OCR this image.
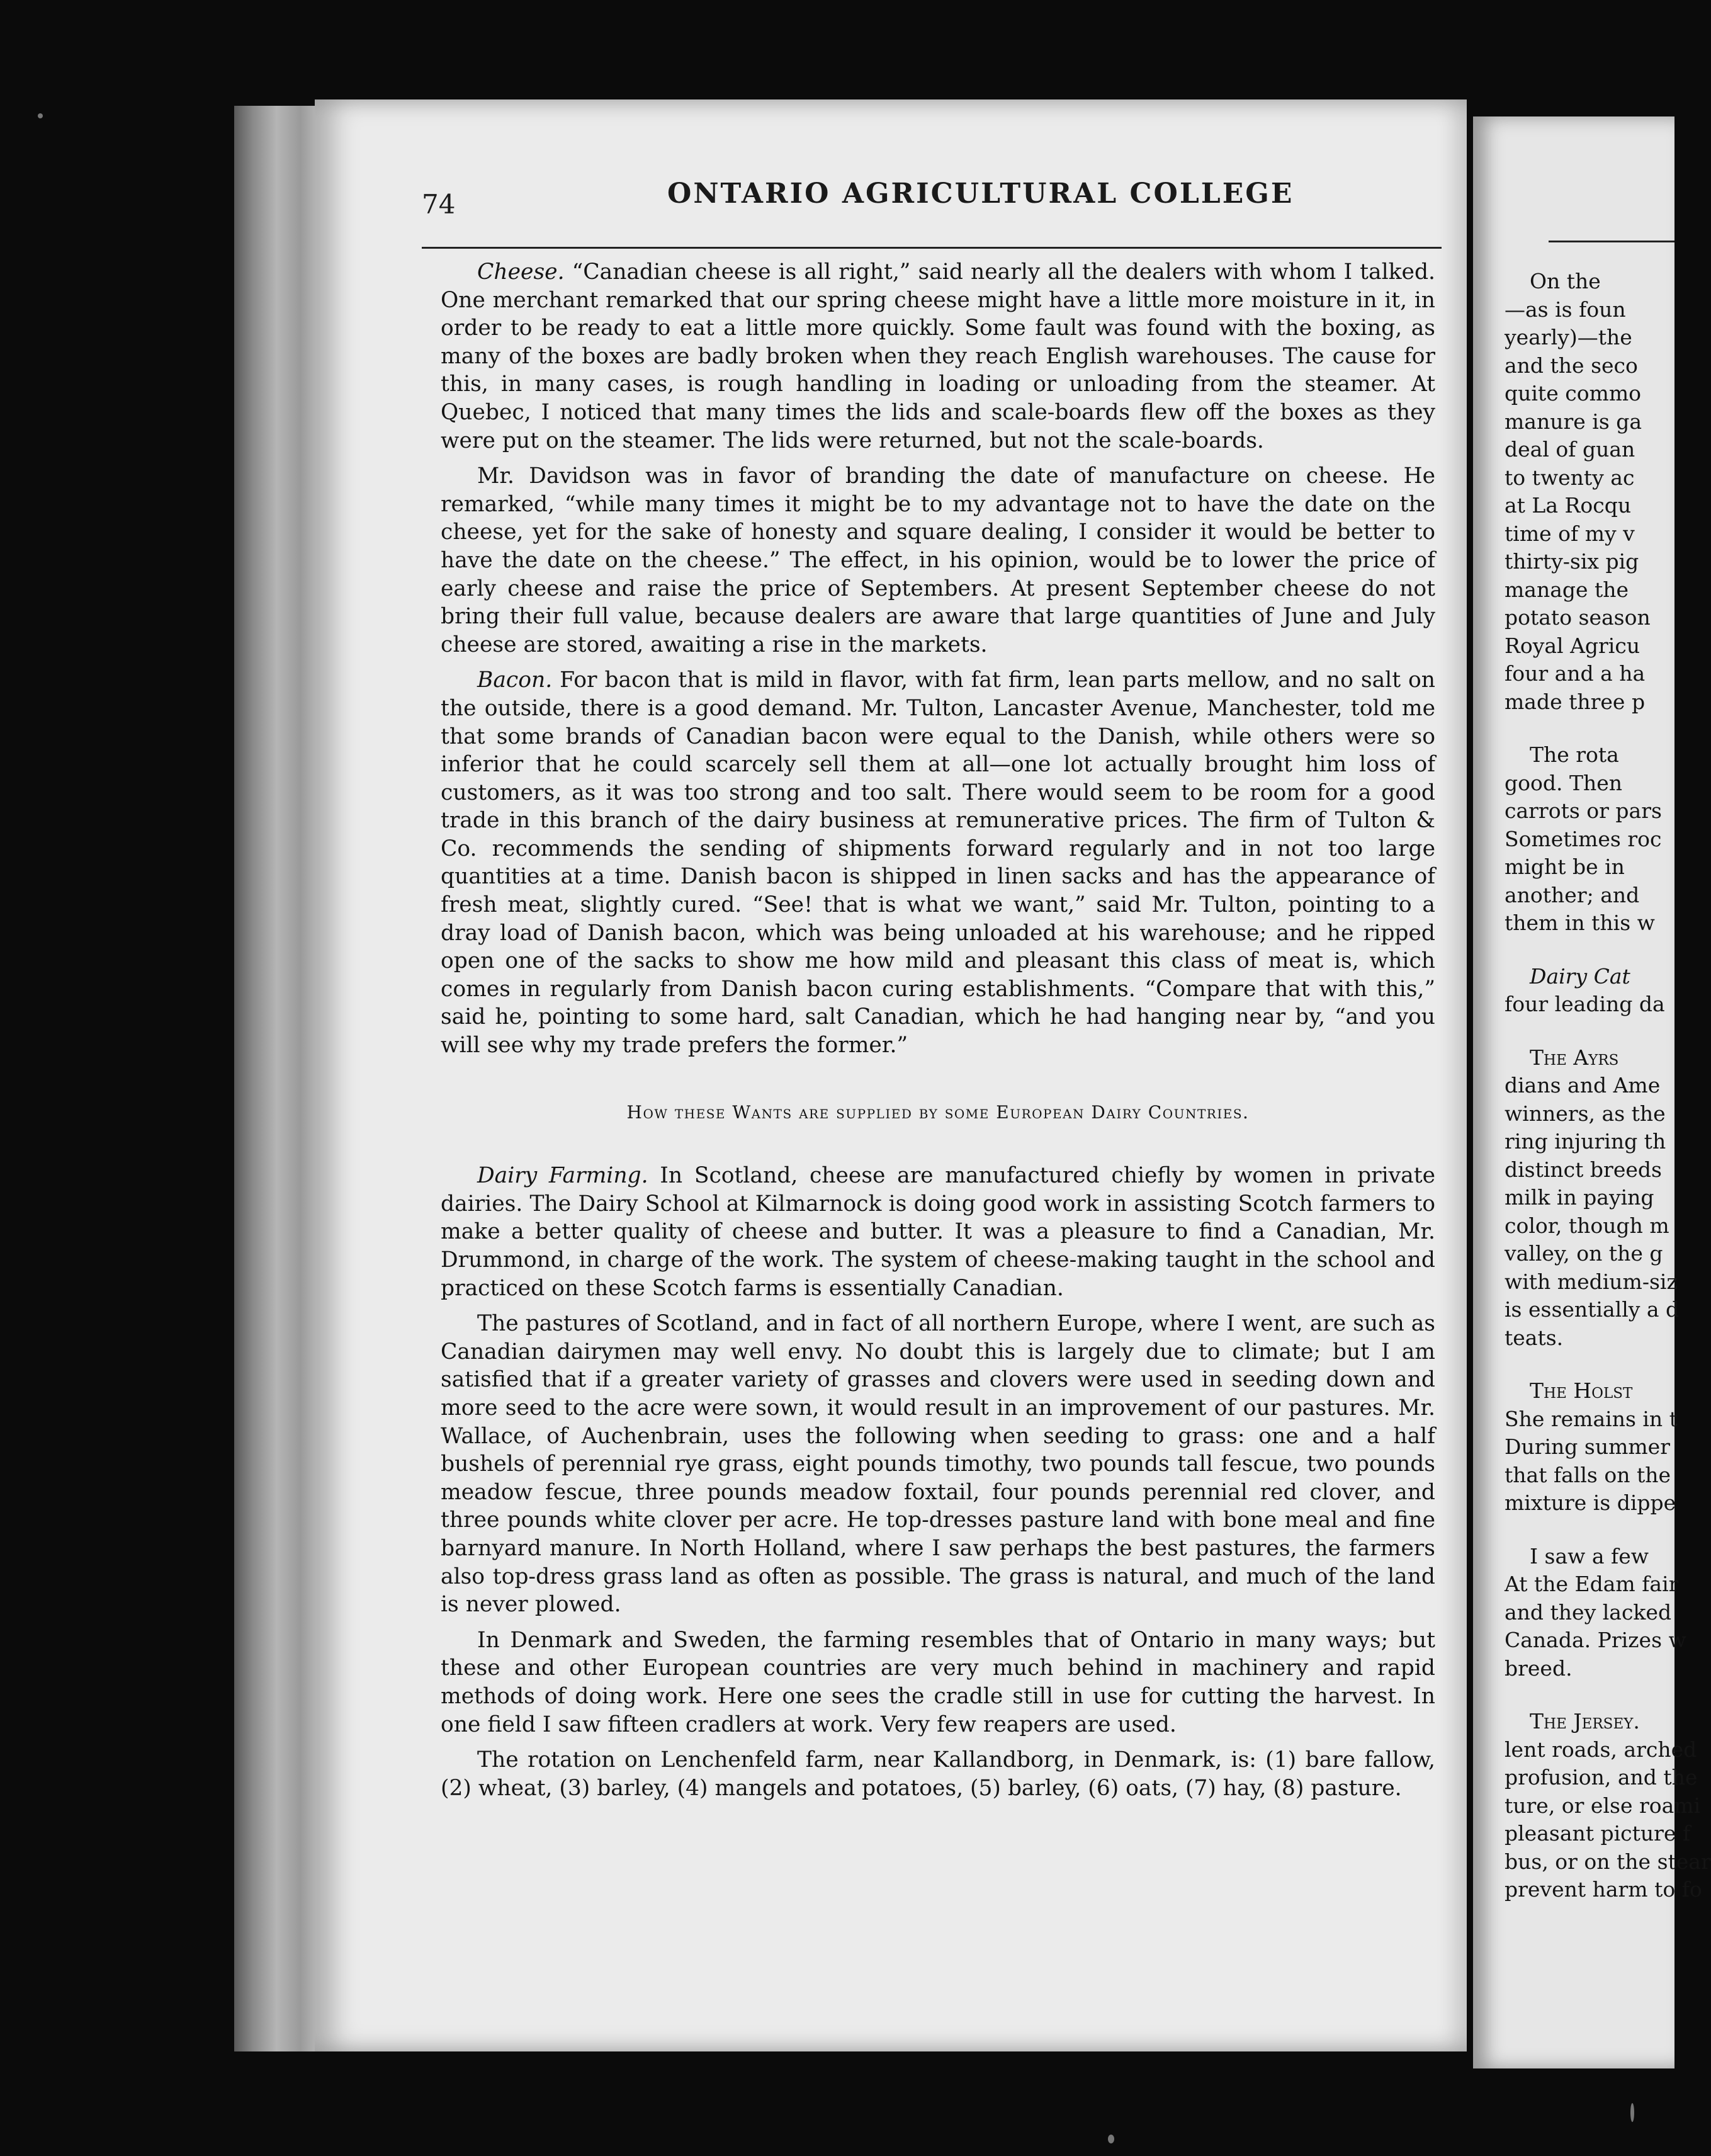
74	ONTARIO AGRICULTURAL COLLEGE

Cheese. “Canadian cheese is all right,” said nearly all the dealers with whom I talked. One merchant remarked that our spring cheese might have a little more moisture in it, in order to be ready to eat a little more quickly. Some fault was found with the boxing, as many of the boxes are badly broken when they reach English warehouses. The cause for this, in many cases, is rough handling in loading or unloading from the steamer. At Quebec, I noticed that many times the lids and scale-boards flew off the boxes as they were put on the steamer. The lids were returned, but not the scale-boards.

Mr. Davidson was in favor of branding the date of manufacture on cheese. He remarked, “while many times it might be to my advantage not to have the date on the cheese, yet for the sake of honesty and square dealing, I consider it would be better to have the date on the cheese.” The effect, in his opinion, would be to lower the price of early cheese and raise the price of Septembers. At present September cheese do not bring their full value, because dealers are aware that large quantities of June and July cheese are stored, awaiting a rise in the markets.

Bacon. For bacon that is mild in flavor, with fat firm, lean parts mellow, and no salt on the outside, there is a good demand. Mr. Tulton, Lancaster Avenue, Manchester, told me that some brands of Canadian bacon were equal to the Danish, while others were so inferior that he could scarcely sell them at all—one lot actually brought him loss of customers, as it was too strong and too salt. There would seem to be room for a good trade in this branch of the dairy business at remunerative prices. The firm of Tulton & Co. recommends the sending of shipments forward regularly and in not too large quantities at a time. Danish bacon is shipped in linen sacks and has the appearance of fresh meat, slightly cured. “See! that is what we want,” said Mr. Tulton, pointing to a dray load of Danish bacon, which was being unloaded at his warehouse; and he ripped open one of the sacks to show me how mild and pleasant this class of meat is, which comes in regularly from Danish bacon curing establishments. “Compare that with this,” said he, pointing to some hard, salt Canadian, which he had hanging near by, “and you will see why my trade prefers the former.”

How these Wants are supplied by some European Dairy Countries.

Dairy Farming. In Scotland, cheese are manufactured chiefly by women in private dairies. The Dairy School at Kilmarnock is doing good work in assisting Scotch farmers to make a better quality of cheese and butter. It was a pleasure to find a Canadian, Mr. Drummond, in charge of the work. The system of cheese-making taught in the school and practiced on these Scotch farms is essentially Canadian.

The pastures of Scotland, and in fact of all northern Europe, where I went, are such as Canadian dairymen may well envy. No doubt this is largely due to climate; but I am satisfied that if a greater variety of grasses and clovers were used in seeding down and more seed to the acre were sown, it would result in an improvement of our pastures. Mr. Wallace, of Auchenbrain, uses the following when seeding to grass: one and a half bushels of perennial rye grass, eight pounds timothy, two pounds tall fescue, two pounds meadow fescue, three pounds meadow foxtail, four pounds perennial red clover, and three pounds white clover per acre. He top-dresses pasture land with bone meal and fine barnyard manure. In North Holland, where I saw perhaps the best pastures, the farmers also top-dress grass land as often as possible. The grass is natural, and much of the land is never plowed.

In Denmark and Sweden, the farming resembles that of Ontario in many ways; but these and other European countries are very much behind in machinery and rapid methods of doing work. Here one sees the cradle still in use for cutting the harvest. In one field I saw fifteen cradlers at work. Very few reapers are used.

The rotation on Lenchenfeld farm, near Kallandborg, in Denmark, is: (1) bare fallow, (2) wheat, (3) barley, (4) mangels and potatoes, (5) barley, (6) oats, (7) hay, (8) pasture.

On the
—as is foun
yearly)—the
and the seco
quite commo
manure is ga
deal of guan
to twenty ac
at La Rocqu
time of my v
thirty-six pig
manage the
potato season
Royal Agricu
four and a ha
made three p
The rota
good. Then
carrots or pars
Sometimes roc
might be in
another; and
them in this w
Dairy Cat
four leading da
The Ayrs
dians and Ame
winners, as the
ring injuring th
distinct breeds
milk in paying
color, though m
valley, on the g
with medium-siz
is essentially a d
teats.
The Holst
She remains in t
During summer
that falls on the
mixture is dippe
I saw a few
At the Edam fair
and they lacked
Canada. Prizes w
breed.
The Jersey.
lent roads, arched
profusion, and the
ture, or else roami
pleasant picture f
bus, or on the stear
prevent harm to fo
